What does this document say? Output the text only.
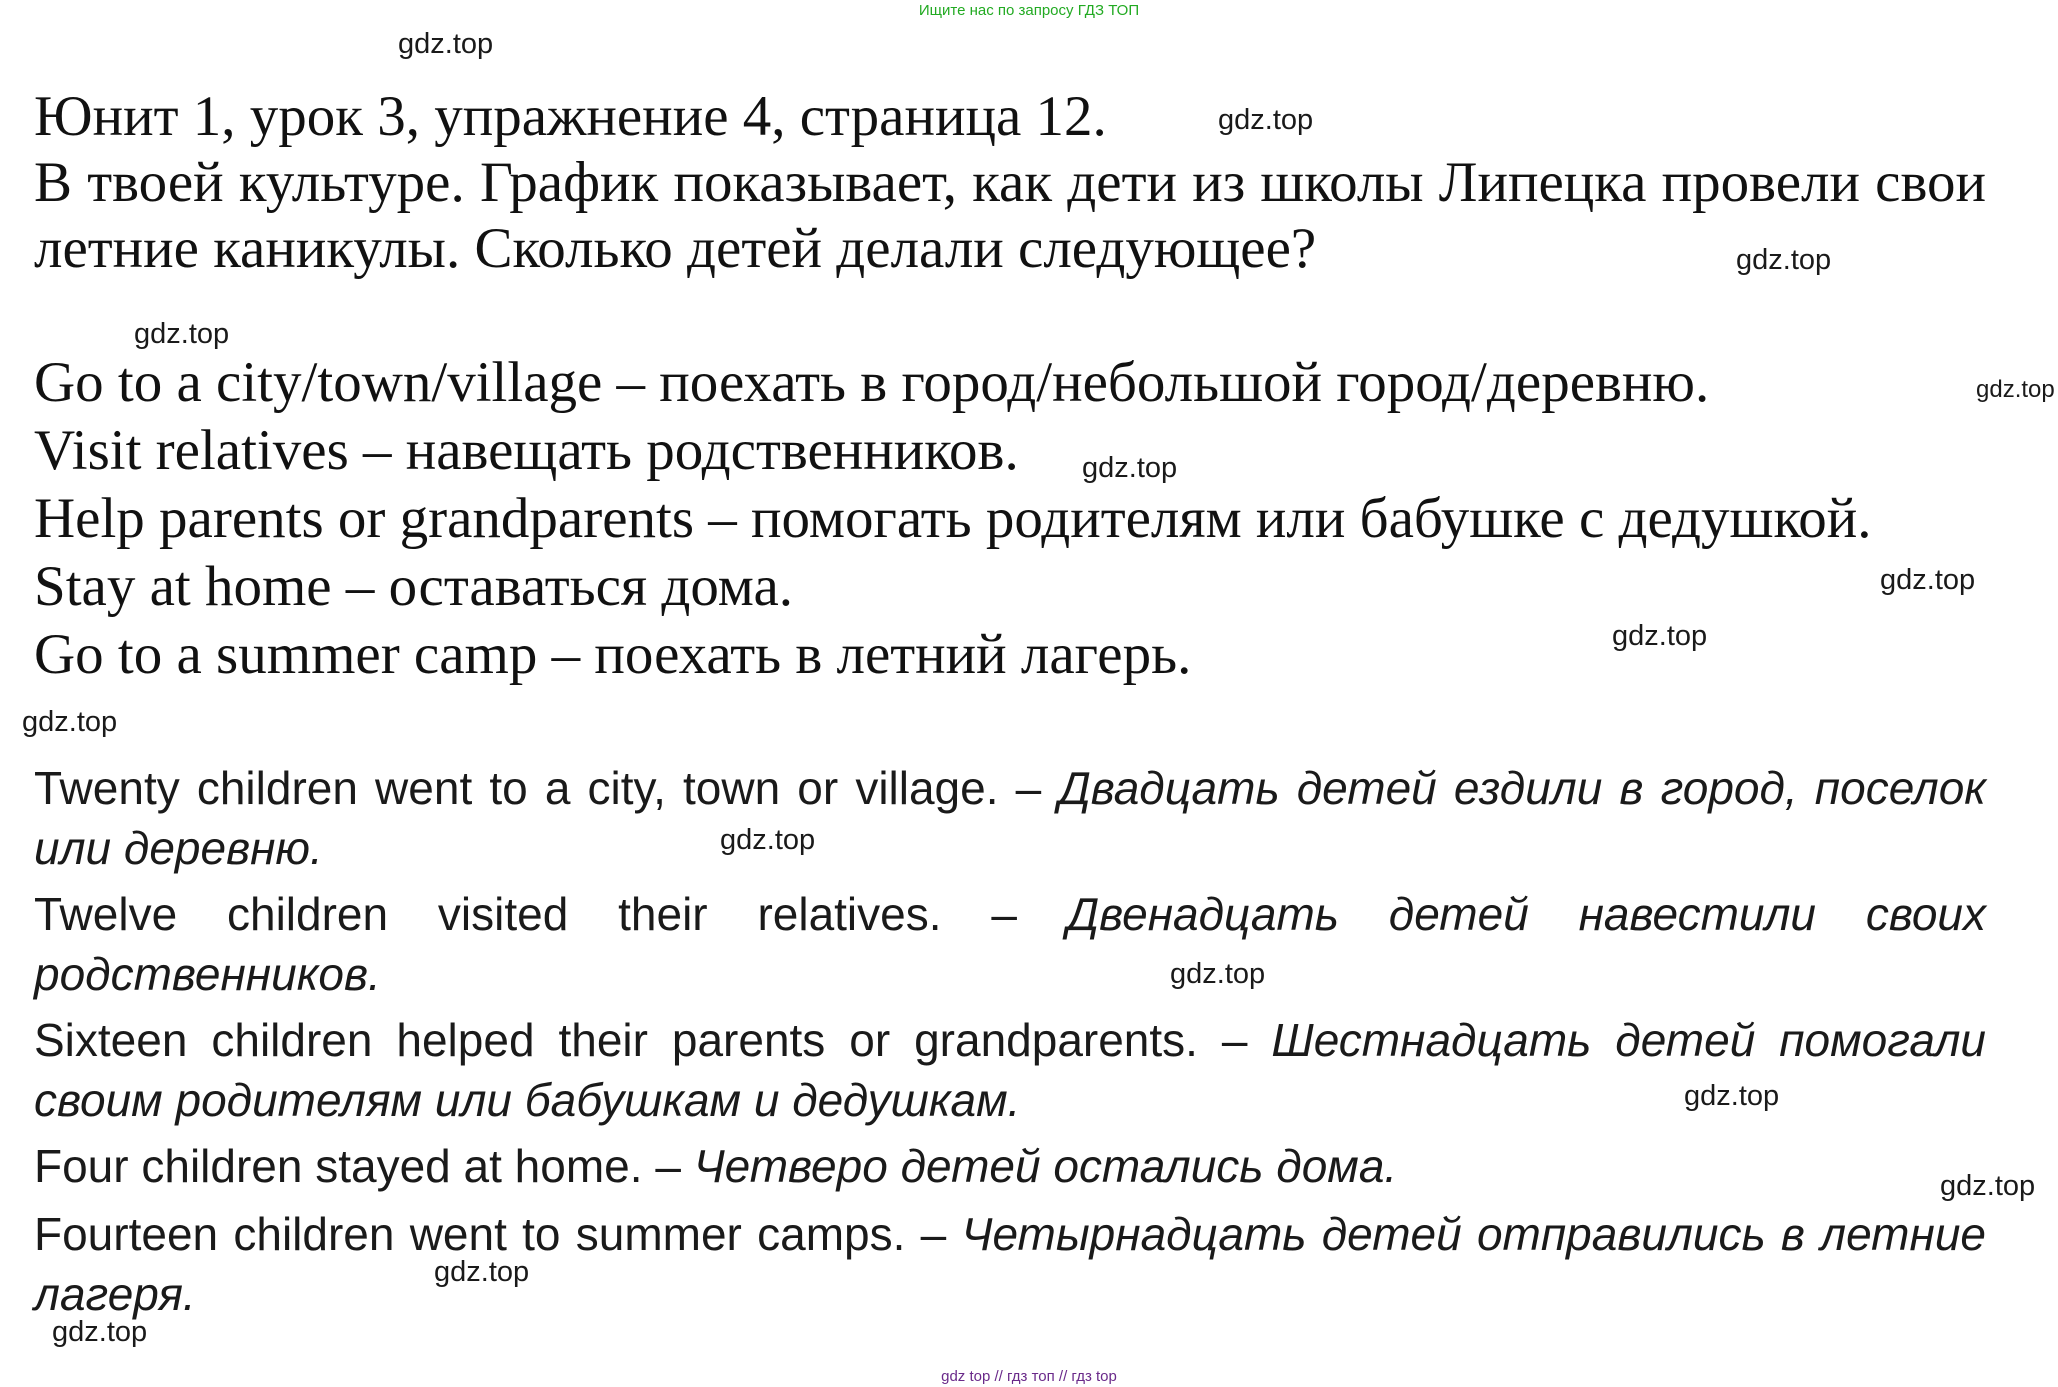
Ищите нас по запросу ГДЗ ТОП
gdz.top
gdz.top
gdz.top
gdz.top
gdz.top
gdz.top
gdz.top
gdz.top
gdz.top
gdz.top
gdz.top
gdz.top
gdz.top
gdz.top
gdz.top
Юнит 1, урок 3, упражнение 4, страница 12.
В твоей культуре. График показывает, как дети из школы Липецка провели свои летние каникулы. Сколько детей делали следующее?
Go to a city/town/village – поехать в город/небольшой город/деревню.
Visit relatives – навещать родственников.
Help parents or grandparents – помогать родителям или бабушке с дедушкой.
Stay at home – оставаться дома.
Go to a summer camp – поехать в летний лагерь.
Twenty children went to a city, town or village. – Двадцать детей ездили в город, поселок или деревню.
Twelve children visited their relatives. – Двенадцать детей навестили своих родственников.
Sixteen children helped their parents or grandparents. – Шестнадцать детей помогали своим родителям или бабушкам и дедушкам.
Four children stayed at home. – Четверо детей остались дома.
Fourteen children went to summer camps. – Четырнадцать детей отправились в летние лагеря.
gdz top // гдз топ // гдз top
